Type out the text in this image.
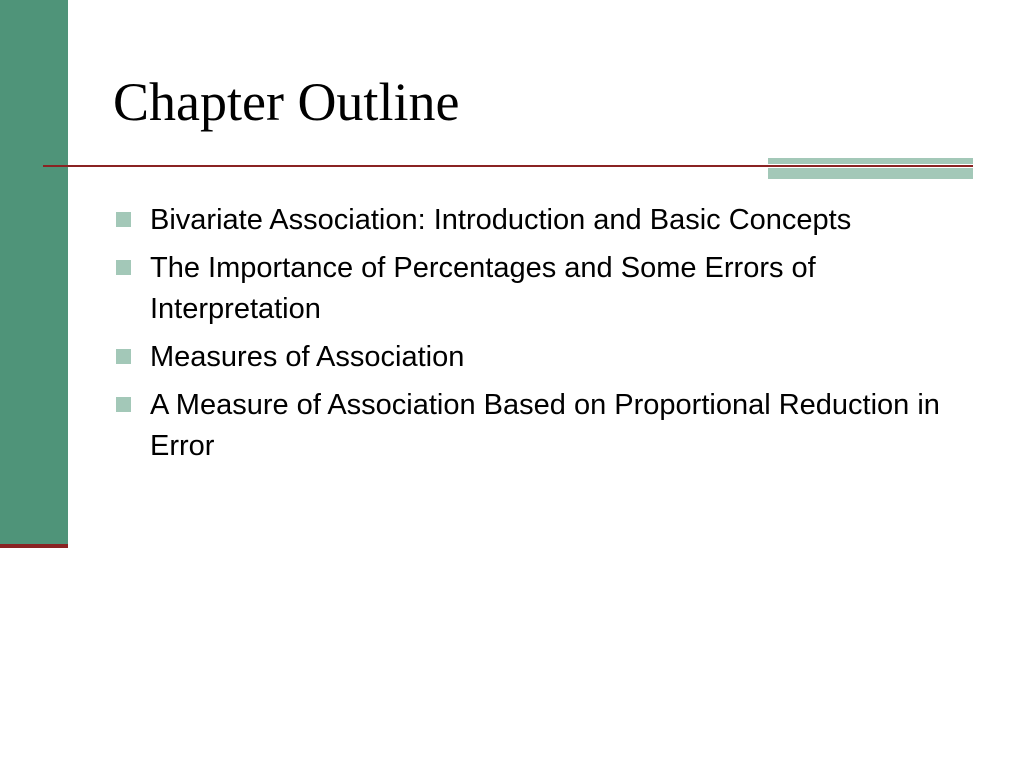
Chapter Outline
Bivariate Association: Introduction and Basic Concepts
The Importance of Percentages and Some Errors of Interpretation
Measures of Association
A Measure of Association Based on Proportional Reduction in Error
